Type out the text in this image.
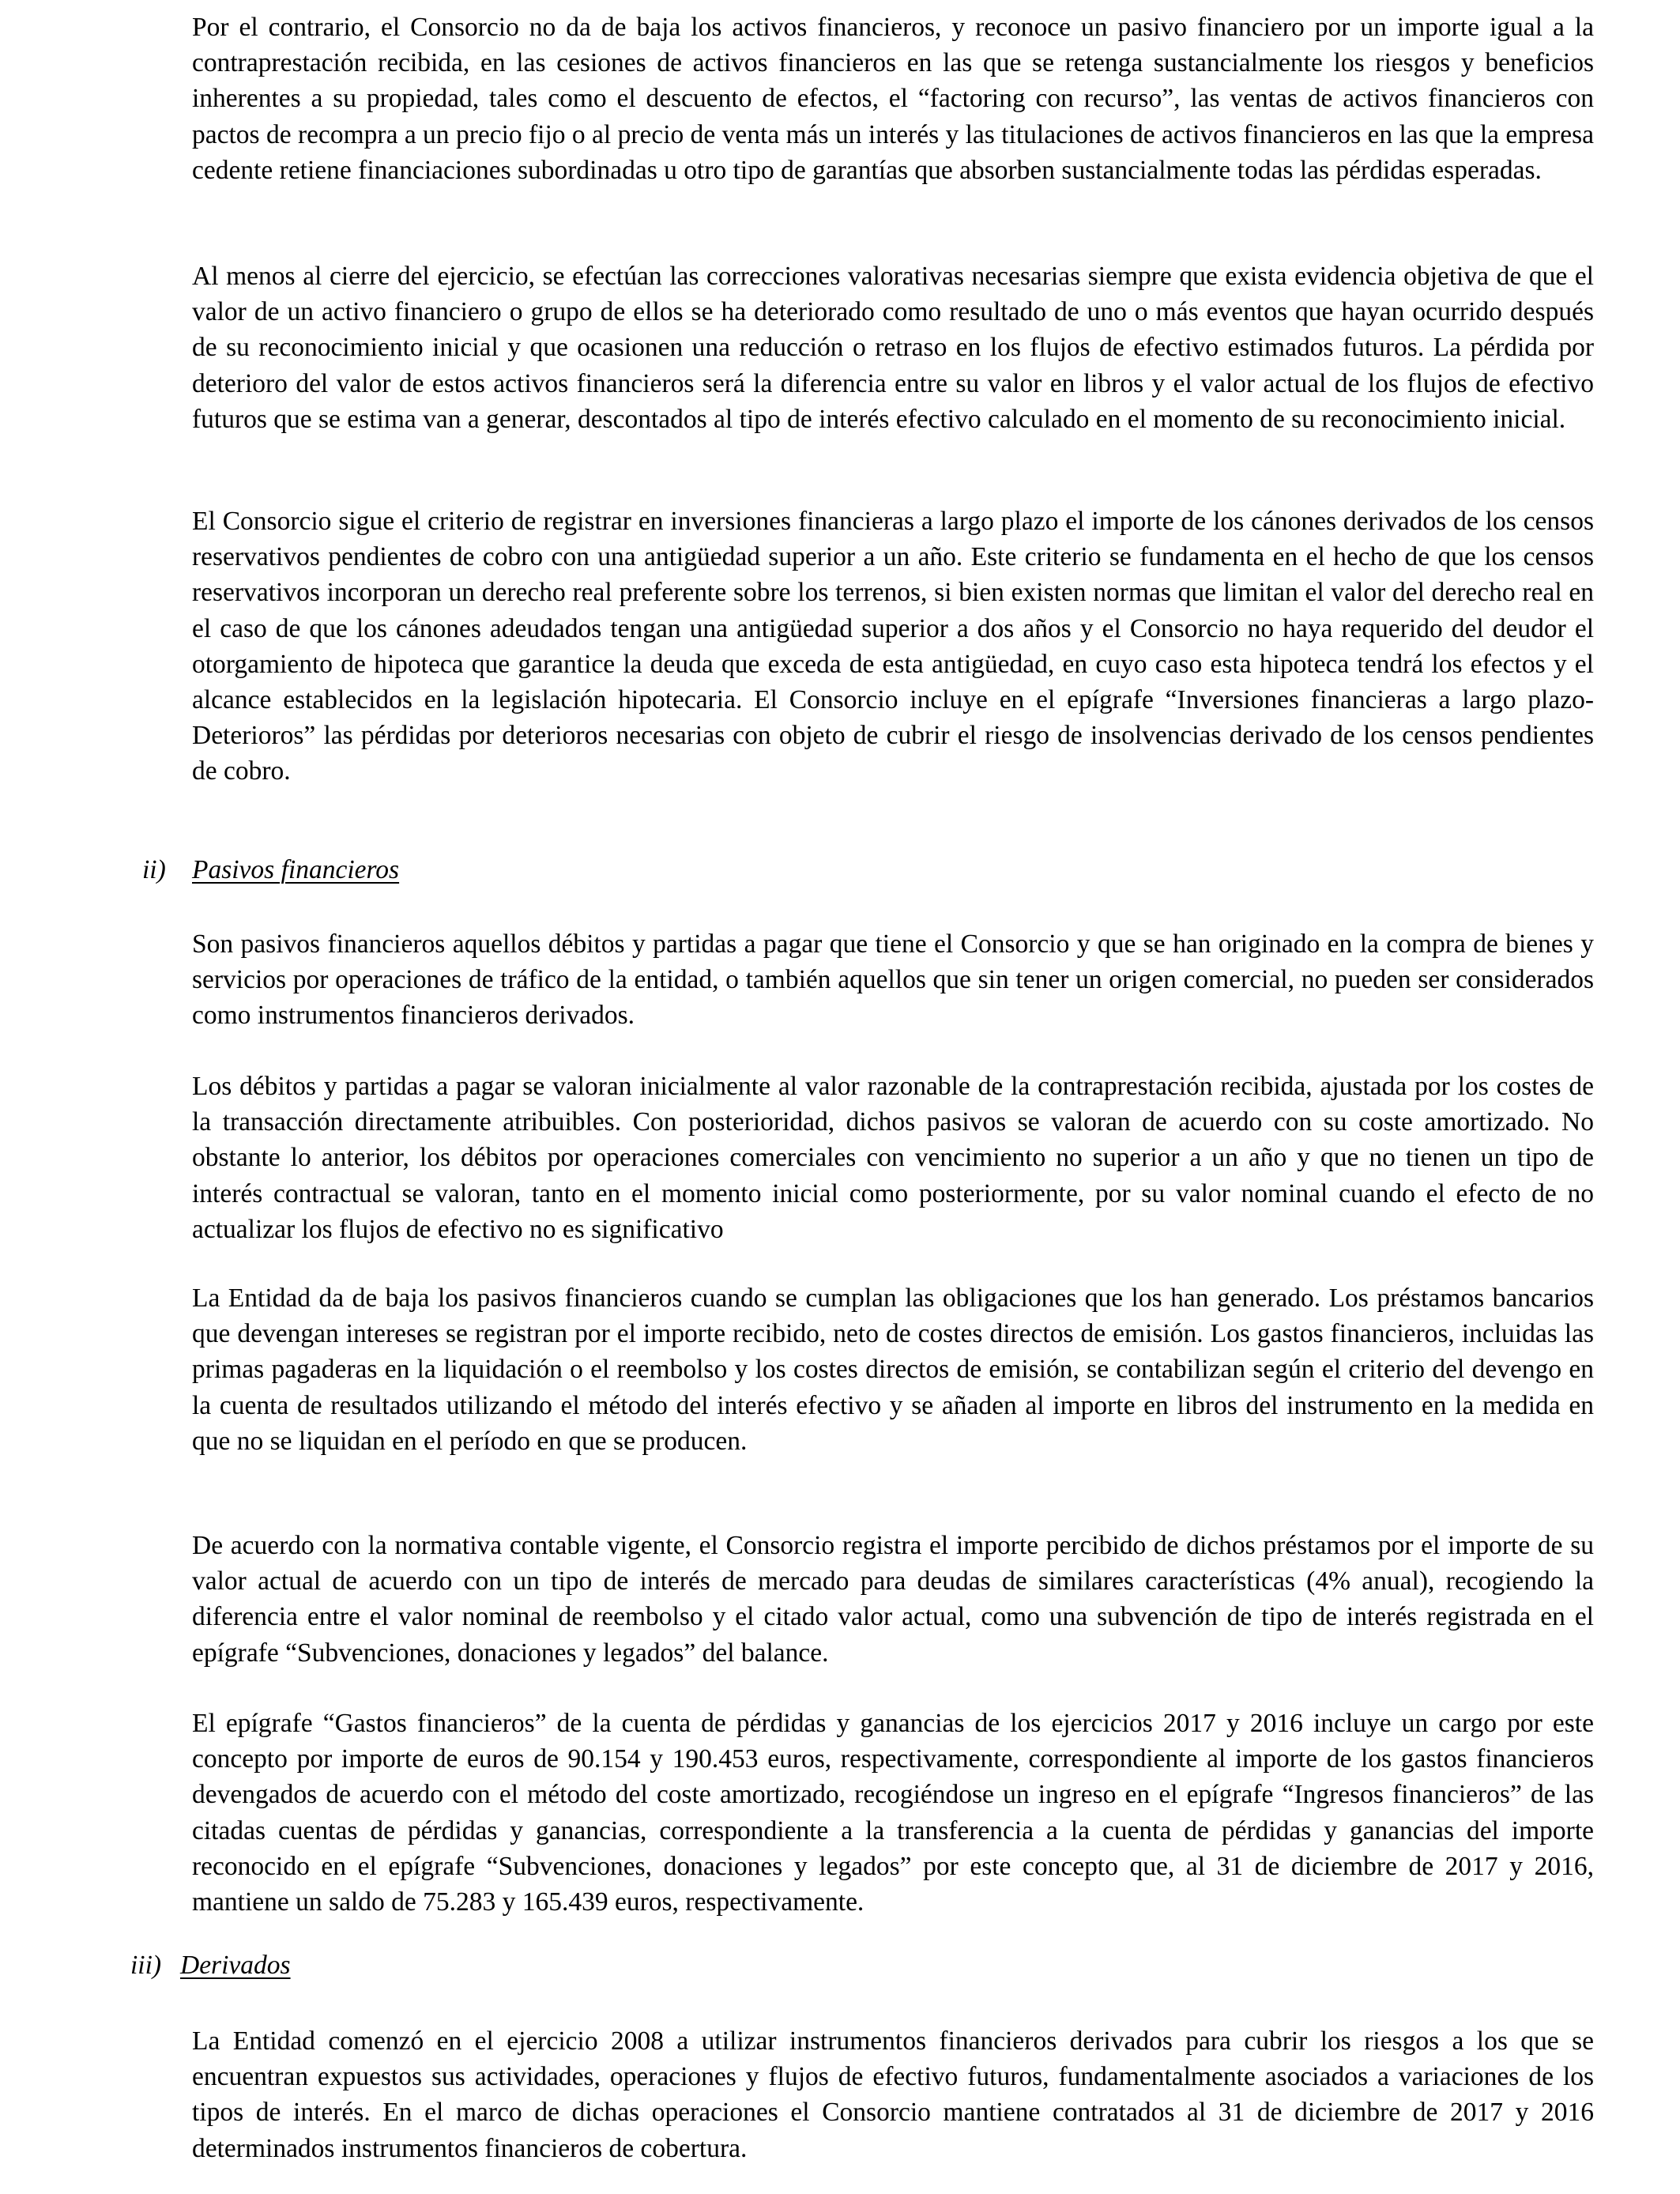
Por el contrario, el Consorcio no da de baja los activos financieros, y reconoce un pasivo financiero por un importe igual a la contraprestación recibida, en las cesiones de activos financieros en las que se retenga sustancialmente los riesgos y beneficios inherentes a su propiedad, tales como el descuento de efectos, el “factoring con recurso”, las ventas de activos financieros con pactos de recompra a un precio fijo o al precio de venta más un interés y las titulaciones de activos financieros en las que la empresa cedente retiene financiaciones subordinadas u otro tipo de garantías que absorben sustancialmente todas las pérdidas esperadas.

Al menos al cierre del ejercicio, se efectúan las correcciones valorativas necesarias siempre que exista evidencia objetiva de que el valor de un activo financiero o grupo de ellos se ha deteriorado como resultado de uno o más eventos que hayan ocurrido después de su reconocimiento inicial y que ocasionen una reducción o retraso en los flujos de efectivo estimados futuros. La pérdida por deterioro del valor de estos activos financieros será la diferencia entre su valor en libros y el valor actual de los flujos de efectivo futuros que se estima van a generar, descontados al tipo de interés efectivo calculado en el momento de su reconocimiento inicial.

El Consorcio sigue el criterio de registrar en inversiones financieras a largo plazo el importe de los cánones derivados de los censos reservativos pendientes de cobro con una antigüedad superior a un año. Este criterio se fundamenta en el hecho de que los censos reservativos incorporan un derecho real preferente sobre los terrenos, si bien existen normas que limitan el valor del derecho real en el caso de que los cánones adeudados tengan una antigüedad superior a dos años y el Consorcio no haya requerido del deudor el otorgamiento de hipoteca que garantice la deuda que exceda de esta antigüedad, en cuyo caso esta hipoteca tendrá los efectos y el alcance establecidos en la legislación hipotecaria. El Consorcio incluye en el epígrafe “Inversiones financieras a largo plazo-Deterioros” las pérdidas por deterioros necesarias con objeto de cubrir el riesgo de insolvencias derivado de los censos pendientes de cobro.

ii) Pasivos financieros

Son pasivos financieros aquellos débitos y partidas a pagar que tiene el Consorcio y que se han originado en la compra de bienes y servicios por operaciones de tráfico de la entidad, o también aquellos que sin tener un origen comercial, no pueden ser considerados como instrumentos financieros derivados.

Los débitos y partidas a pagar se valoran inicialmente al valor razonable de la contraprestación recibida, ajustada por los costes de la transacción directamente atribuibles. Con posterioridad, dichos pasivos se valoran de acuerdo con su coste amortizado. No obstante lo anterior, los débitos por operaciones comerciales con vencimiento no superior a un año y que no tienen un tipo de interés contractual se valoran, tanto en el momento inicial como posteriormente, por su valor nominal cuando el efecto de no actualizar los flujos de efectivo no es significativo

La Entidad da de baja los pasivos financieros cuando se cumplan las obligaciones que los han generado. Los préstamos bancarios que devengan intereses se registran por el importe recibido, neto de costes directos de emisión. Los gastos financieros, incluidas las primas pagaderas en la liquidación o el reembolso y los costes directos de emisión, se contabilizan según el criterio del devengo en la cuenta de resultados utilizando el método del interés efectivo y se añaden al importe en libros del instrumento en la medida en que no se liquidan en el período en que se producen.

De acuerdo con la normativa contable vigente, el Consorcio registra el importe percibido de dichos préstamos por el importe de su valor actual de acuerdo con un tipo de interés de mercado para deudas de similares características (4% anual), recogiendo la diferencia entre el valor nominal de reembolso y el citado valor actual, como una subvención de tipo de interés registrada en el epígrafe “Subvenciones, donaciones y legados” del balance.

El epígrafe “Gastos financieros” de la cuenta de pérdidas y ganancias de los ejercicios 2017 y 2016 incluye un cargo por este concepto por importe de euros de 90.154 y 190.453 euros, respectivamente, correspondiente al importe de los gastos financieros devengados de acuerdo con el método del coste amortizado, recogiéndose un ingreso en el epígrafe “Ingresos financieros” de las citadas cuentas de pérdidas y ganancias, correspondiente a la transferencia a la cuenta de pérdidas y ganancias del importe reconocido en el epígrafe “Subvenciones, donaciones y legados” por este concepto que, al 31 de diciembre de 2017 y 2016, mantiene un saldo de 75.283 y 165.439 euros, respectivamente.

iii) Derivados

La Entidad comenzó en el ejercicio 2008 a utilizar instrumentos financieros derivados para cubrir los riesgos a los que se encuentran expuestos sus actividades, operaciones y flujos de efectivo futuros, fundamentalmente asociados a variaciones de los tipos de interés. En el marco de dichas operaciones el Consorcio mantiene contratados al 31 de diciembre de 2017 y 2016 determinados instrumentos financieros de cobertura.
